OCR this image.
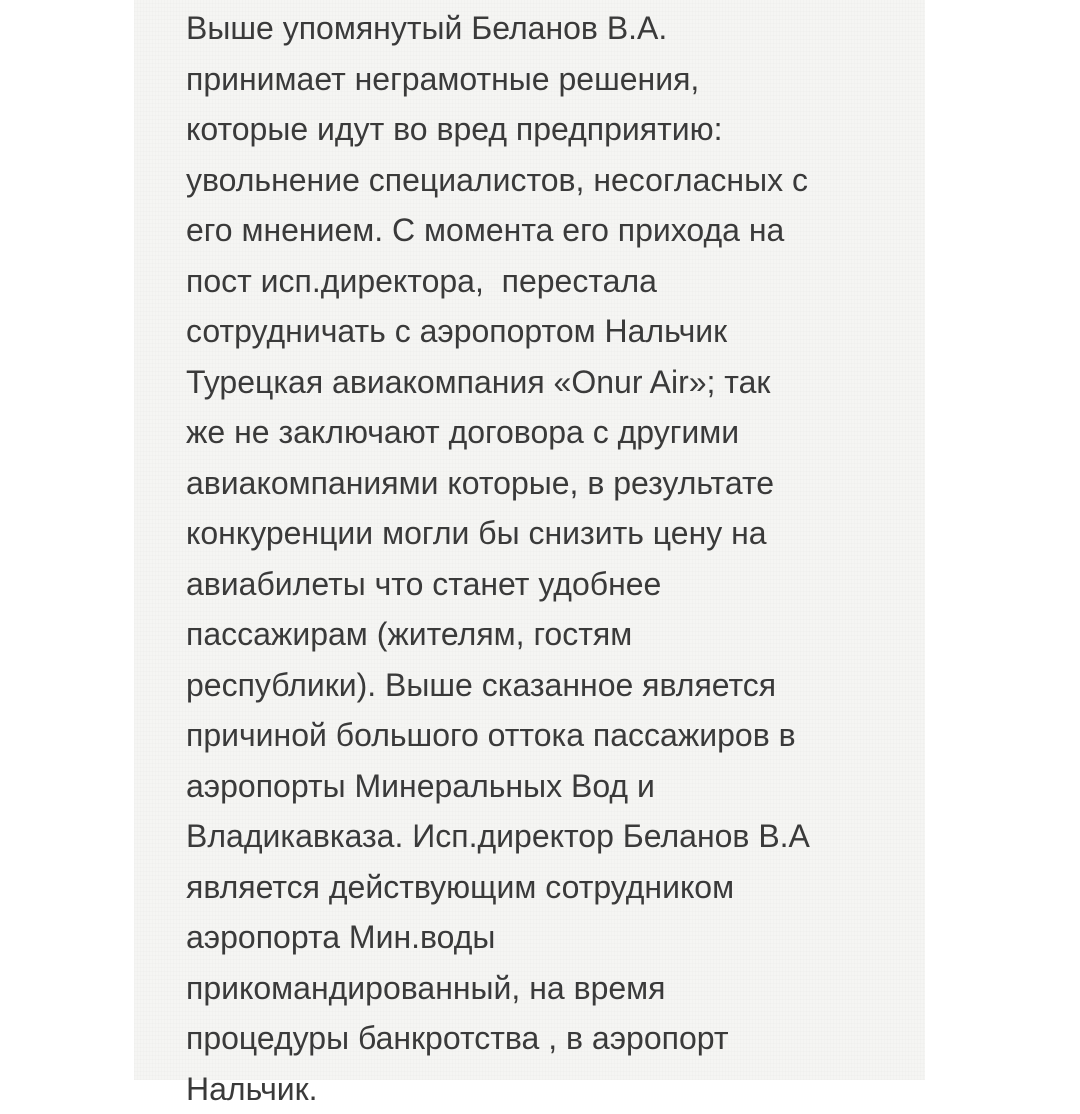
Выше упомянутый Беланов В.А.
принимает неграмотные решения,
которые идут во вред предприятию:
увольнение специалистов, несогласных с
его мнением. С момента его прихода на
пост исп.директора,  перестала
сотрудничать с аэропортом Нальчик
Турецкая авиакомпания «Onur Air»; так
же не заключают договора с другими
авиакомпаниями которые, в результате
конкуренции могли бы снизить цену на
авиабилеты что станет удобнее
пассажирам (жителям, гостям
республики). Выше сказанное является
причиной большого оттока пассажиров в
аэропорты Минеральных Вод и
Владикавказа. Исп.директор Беланов В.А
является действующим сотрудником
аэропорта Мин.воды
прикомандированный, на время
процедуры банкротства , в аэропорт
Нальчик.
